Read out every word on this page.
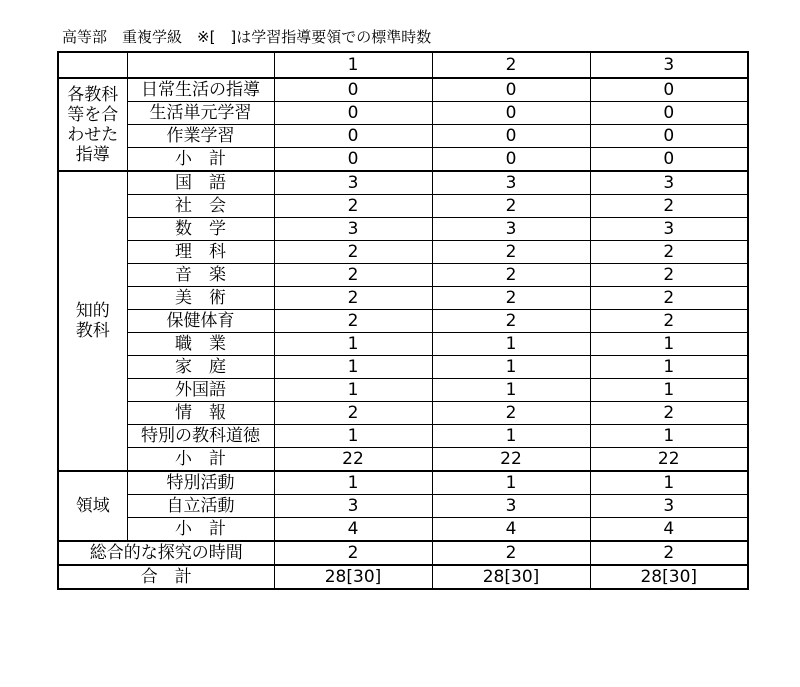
高等部　重複学級　※[　]は学習指導要領での標準時数
		1	2	3

各教科
等を合
わせた
指導	日常生活の指導	0	0	0
	生活単元学習	0	0	0
	作業学習	0	0	0
	小　計	0	0	0

知的
教科	国　語	3	3	3
	社　会	2	2	2
	数　学	3	3	3
	理　科	2	2	2
	音　楽	2	2	2
	美　術	2	2	2
	保健体育	2	2	2
	職　業	1	1	1
	家　庭	1	1	1
	外国語	1	1	1
	情　報	2	2	2
	特別の教科道徳	1	1	1
	小　計	22	22	22

領域	特別活動	1	1	1
	自立活動	3	3	3
	小　計	4	4	4
総合的な探究の時間		2	2	2
合　計		28[30]	28[30]	28[30]
